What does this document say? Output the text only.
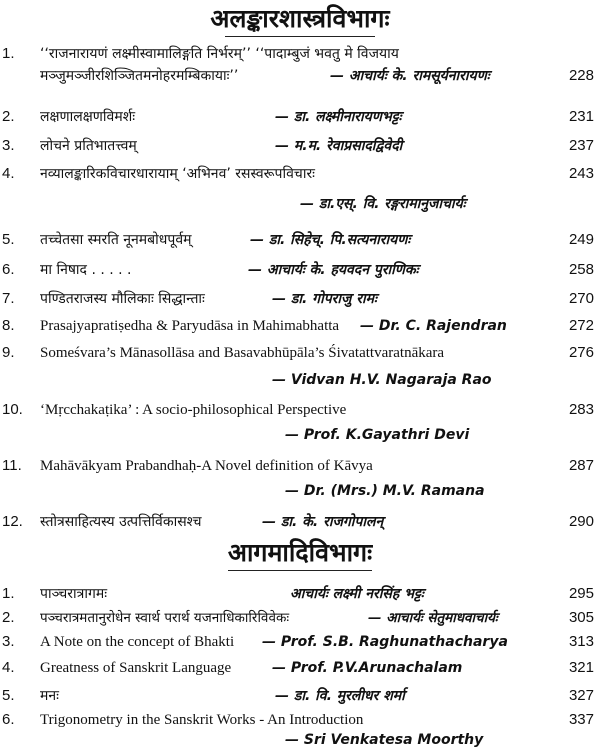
अलङ्कारशास्त्रविभागः
1. ‘‘राजनारायणं लक्ष्मीस्वामालिङ्गति निर्भरम्’’ ‘‘पादाम्बुजं भवतु मे विजयाय
मञ्जुमञ्जीरशिञ्जितमनोहरमम्बिकायाः’’	— आचार्यः के. रामसूर्यनारायणः	228
2. लक्षणालक्षणविमर्शः	— डा. लक्ष्मीनारायणभट्टः	231
3. लोचने प्रतिभातत्त्वम्	— म.म. रेवाप्रसादद्विवेदी	237
4. नव्यालङ्कारिकविचारधारायाम् ‘अभिनव’ रसस्वरूपविचारः	243
— डा.एस्. वि. रङ्गरामानुजाचार्यः
5. तच्चेतसा स्मरति नूनमबोधपूर्वम्	— डा. सिहेच्. पि.सत्यनारायणः	249
6. मा निषाद . . . . .	— आचार्यः के. हयवदन पुराणिकः	258
7. पण्डितराजस्य मौलिकाः सिद्धान्ताः	— डा. गोपराजु रामः	270
8. Prasajyapratiṣedha & Paryudāsa in Mahimabhatta — Dr. C. Rajendran	272
9. Someśvara’s Mānasollāsa and Basavabhūpāla’s Śivatattvaratnākara	276
— Vidvan H.V. Nagaraja Rao
10. ‘Mṛcchakaṭika’ : A socio-philosophical Perspective	283
— Prof. K.Gayathri Devi
11. Mahāvākyam Prabandhaḥ-A Novel definition of Kāvya	287
— Dr. (Mrs.) M.V. Ramana
12. स्तोत्रसाहित्यस्य उत्पत्तिर्विकासश्च	— डा. के. राजगोपालन्	290
आगमादिविभागः
1. पाञ्चरात्रागमः	आचार्यः लक्ष्मी नरसिंह भट्टः	295
2. पञ्चरात्रमतानुरोधेन स्वार्थ परार्थ यजनाधिकारिविवेकः	— आचार्यः सेतुमाधवाचार्यः	305
3. A Note on the concept of Bhakti — Prof. S.B. Raghunathacharya	313
4. Greatness of Sanskrit Language	— Prof. P.V.Arunachalam	321
5. मनः	— डा. वि. मुरलीधर शर्मा	327
6. Trigonometry in the Sanskrit Works - An Introduction	337
— Sri Venkatesa Moorthy
